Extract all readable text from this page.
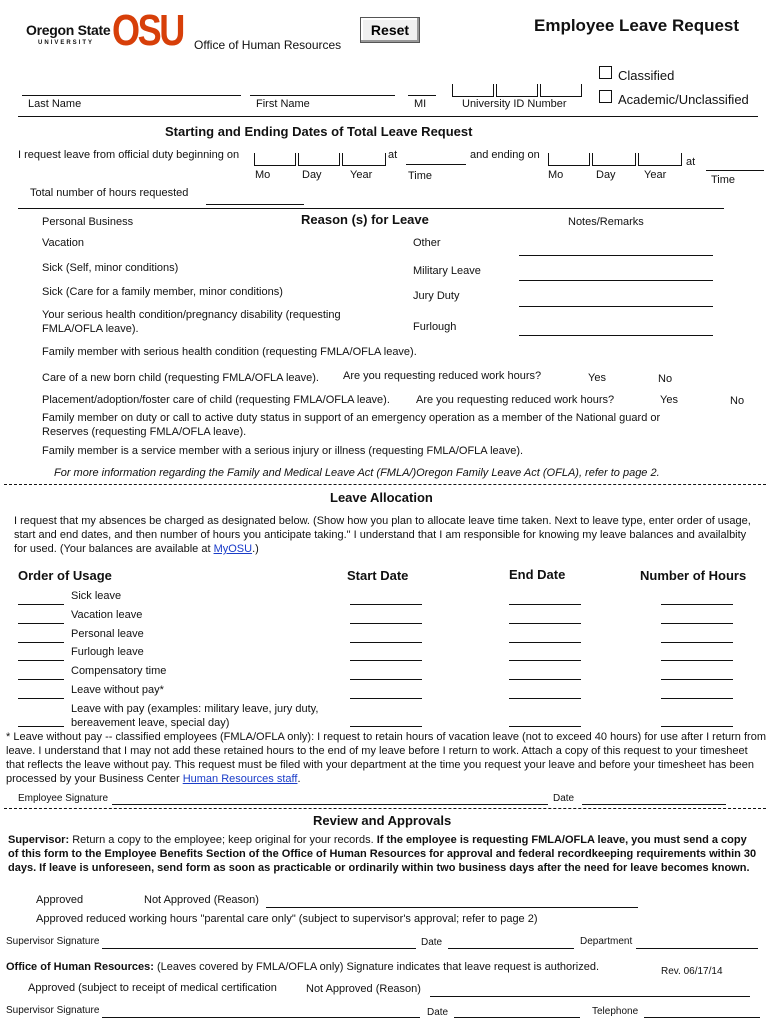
Oregon State
UNIVERSITY OSU Office of Human Resources
Reset	Employee Leave Request
Classified
Academic/Unclassified
Last Name	First Name	MI	University ID Number
Starting and Ending Dates of Total Leave Request
I request leave from official duty beginning on	at	and ending on
at
Mo	Day	Year	Time	Mo	Day	Year	Time
Total number of hours requested
Reason (s) for Leave	Notes/Remarks
Personal Business
Vacation
Sick (Self, minor conditions)
Sick (Care for a family member, minor conditions)
Your serious health condition/pregnancy disability (requesting FMLA/OFLA leave).
Other
Military Leave
Jury Duty
Furlough
Family member with serious health condition (requesting FMLA/OFLA leave).
Care of a new born child (requesting FMLA/OFLA leave). Are you requesting reduced work hours?	Yes	No
Placement/adoption/foster care of child (requesting FMLA/OFLA leave). Are you requesting reduced work hours?	Yes	No
Family member on duty or call to active duty status in support of an emergency operation as a member of the National guard or Reserves (requesting FMLA/OFLA leave).
Family member is a service member with a serious injury or illness (requesting FMLA/OFLA leave).
For more information regarding the Family and Medical Leave Act (FMLA/)Oregon Family Leave Act (OFLA), refer to page 2.
Leave Allocation
I request that my absences be charged as designated below. (Show how you plan to allocate leave time taken. Next to leave type, enter order of usage, start and end dates, and then number of hours you anticipate taking." I understand that I am responsible for knowing my leave balances and availalbity for used. (Your balances are available at MyOSU.)
Order of Usage	Start Date	End Date	Number of Hours
Sick leave
Vacation leave
Personal leave
Furlough leave
Compensatory time
Leave without pay*
Leave with pay (examples: military leave, jury duty, bereavement leave, special day)
* Leave without pay -- classified employees (FMLA/OFLA only): I request to retain hours of vacation leave (not to exceed 40 hours) for use after I return from leave. I understand that I may not add these retained hours to the end of my leave before I return to work. Attach a copy of this request to your timesheet that reflects the leave without pay. This request must be filed with your department at the time you request your leave and before your timesheet has been processed by your Business Center Human Resources staff.
Employee Signature	Date
Review and Approvals
Supervisor: Return a copy to the employee; keep original for your records. If the employee is requesting FMLA/OFLA leave, you must send a copy of this form to the Employee Benefits Section of the Office of Human Resources for approval and federal recordkeeping requirements within 30 days. If leave is unforeseen, send form as soon as practicable or ordinarily within two business days after the need for leave becomes known.
Approved	Not Approved (Reason)
Approved reduced working hours "parental care only" (subject to supervisor's approval; refer to page 2)
Supervisor Signature	Date	Department
Office of Human Resources: (Leaves covered by FMLA/OFLA only) Signature indicates that leave request is authorized.	Rev. 06/17/14
Approved (subject to receipt of medical certification	Not Approved (Reason)
Supervisor Signature	Date	Telephone
